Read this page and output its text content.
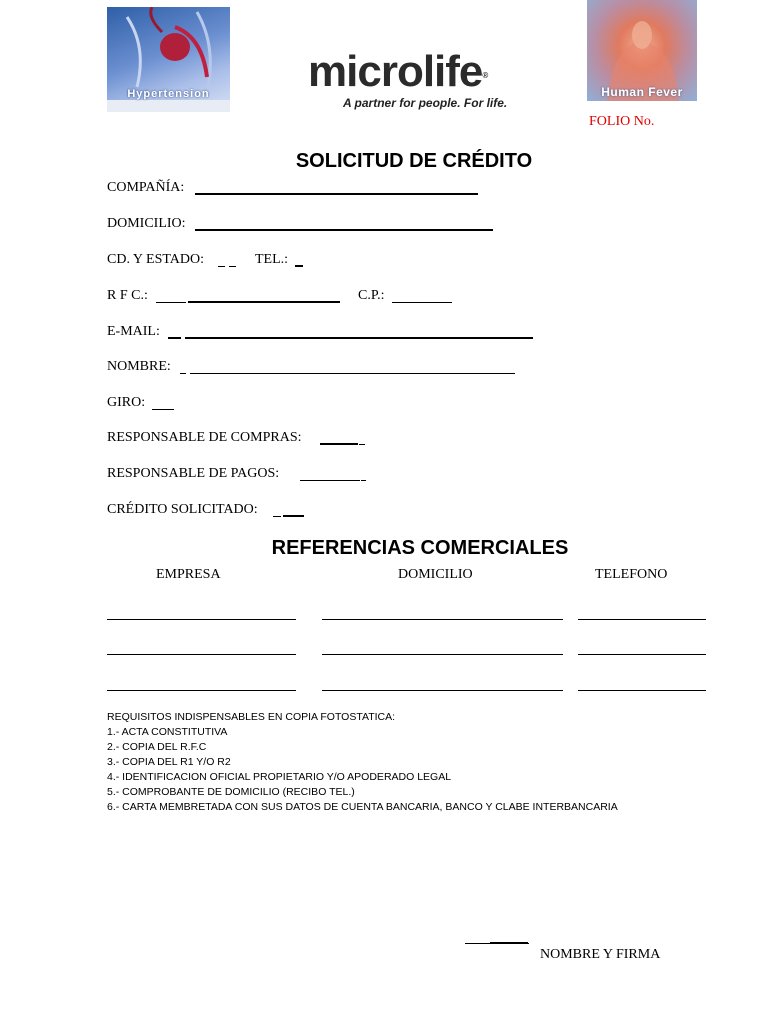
Hypertension	Human Fever
microlife®
A partner for people. For life.
FOLIO No.
SOLICITUD DE CRÉDITO
COMPAÑÍA:
DOMICILIO:
CD. Y ESTADO:	TEL.:
R F C.:	C.P.:
E-MAIL:
NOMBRE:
GIRO:
RESPONSABLE DE COMPRAS:
RESPONSABLE DE PAGOS:
CRÉDITO SOLICITADO:
REFERENCIAS COMERCIALES
EMPRESA	DOMICILIO	TELEFONO
REQUISITOS INDISPENSABLES EN COPIA FOTOSTATICA:
1.- ACTA CONSTITUTIVA
2.- COPIA DEL R.F.C
3.- COPIA DEL R1 Y/O R2
4.- IDENTIFICACION OFICIAL PROPIETARIO Y/O APODERADO LEGAL
5.- COMPROBANTE DE DOMICILIO (RECIBO TEL.)
6.- CARTA MEMBRETADA CON SUS DATOS DE CUENTA BANCARIA, BANCO Y CLABE INTERBANCARIA
NOMBRE Y FIRMA
